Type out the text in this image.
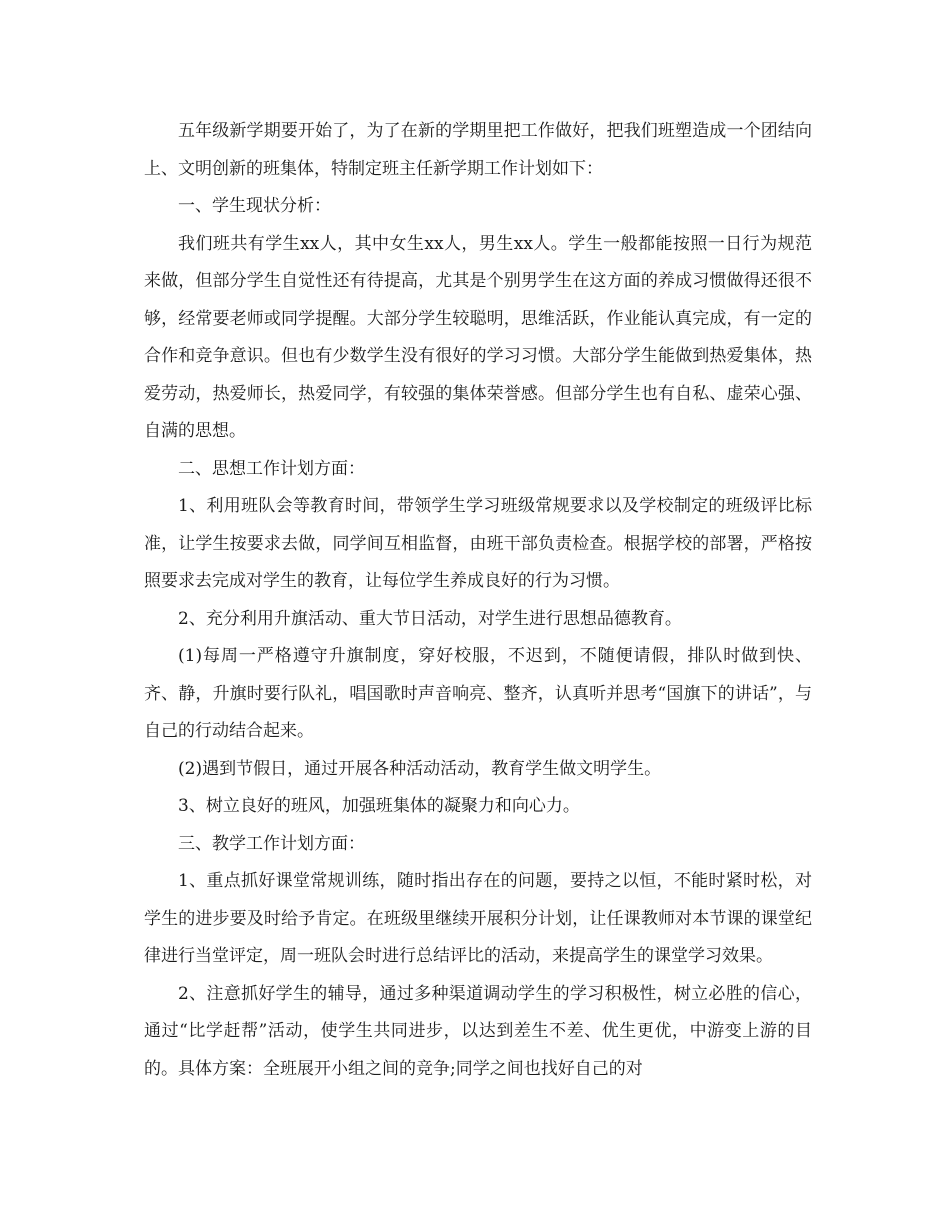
五年级新学期要开始了，为了在新的学期里把工作做好，把我们班塑造成一个团结向上、文明创新的班集体，特制定班主任新学期工作计划如下：

一、学生现状分析：

我们班共有学生xx人，其中女生xx人，男生xx人。学生一般都能按照一日行为规范来做，但部分学生自觉性还有待提高，尤其是个别男学生在这方面的养成习惯做得还很不够，经常要老师或同学提醒。大部分学生较聪明，思维活跃，作业能认真完成，有一定的合作和竞争意识。但也有少数学生没有很好的学习习惯。大部分学生能做到热爱集体，热爱劳动，热爱师长，热爱同学，有较强的集体荣誉感。但部分学生也有自私、虚荣心强、自满的思想。

二、思想工作计划方面：

1、利用班队会等教育时间，带领学生学习班级常规要求以及学校制定的班级评比标准，让学生按要求去做，同学间互相监督，由班干部负责检查。根据学校的部署，严格按照要求去完成对学生的教育，让每位学生养成良好的行为习惯。

2、充分利用升旗活动、重大节日活动，对学生进行思想品德教育。

(1)每周一严格遵守升旗制度，穿好校服，不迟到，不随便请假，排队时做到快、齐、静，升旗时要行队礼，唱国歌时声音响亮、整齐，认真听并思考“国旗下的讲话”，与自己的行动结合起来。

(2)遇到节假日，通过开展各种活动活动，教育学生做文明学生。

3、树立良好的班风，加强班集体的凝聚力和向心力。

三、教学工作计划方面：

1、重点抓好课堂常规训练，随时指出存在的问题，要持之以恒，不能时紧时松，对学生的进步要及时给予肯定。在班级里继续开展积分计划，让任课教师对本节课的课堂纪律进行当堂评定，周一班队会时进行总结评比的活动，来提高学生的课堂学习效果。

2、注意抓好学生的辅导，通过多种渠道调动学生的学习积极性，树立必胜的信心，通过“比学赶帮”活动，使学生共同进步，以达到差生不差、优生更优，中游变上游的目的。具体方案：全班展开小组之间的竞争;同学之间也找好自己的对
